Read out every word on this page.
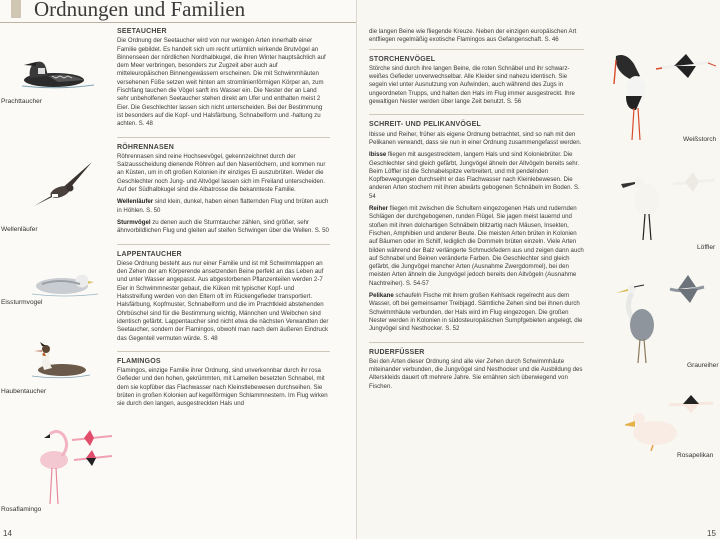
Ordnungen und Familien
Prachttaucher
Wellenläufer
Eissturmvogel
Haubentaucher
Rosaflamingo
14
SEETAUCHER

Die Ordnung der Seetaucher wird von nur wenigen Arten innerhalb einer Familie gebildet. Es handelt sich um recht urtümlich wirkende Brutvögel an Binnenseen der nördlichen Nordhalbkugel, die ihren Winter hauptsächlich auf dem Meer verbringen, besonders zur Zugzeit aber auch auf mitteleuropäischen Binnengewässern erscheinen. Die mit Schwimmhäuten versehenen Füße setzen weit hinten am stromlinienförmigen Körper an, zum Fischfang tauchen die Vögel sanft ins Wasser ein. Die Nester der an Land sehr unbeholfenen Seetaucher stehen direkt am Ufer und enthalten meist 2 Eier. Die Geschlechter lassen sich nicht unterscheiden. Bei der Bestimmung ist besonders auf die Kopf- und Halsfärbung, Schnabelform und -haltung zu achten. S. 48

RÖHRENNASEN

Röhrennasen sind reine Hochseevögel, gekennzeichnet durch der Salzausscheidung dienende Röhren auf den Nasenlöchern, und kommen nur an Küsten, um in oft großen Kolonien ihr einziges Ei auszubrüten. Weder die Geschlechter noch Jung- und Altvögel lassen sich im Freiland unterscheiden. Auf der Südhalbkugel sind die Albatrosse die bekannteste Familie.

Wellenläufer sind klein, dunkel, haben einen flatternden Flug und brüten auch in Höhlen. S. 50

Sturmvögel zu denen auch die Sturmtaucher zählen, sind größer, sehr ähnvorbildlichen Flug und gleiten auf steifen Schwingen über die Wellen. S. 50

LAPPENTAUCHER

Diese Ordnung besteht aus nur einer Familie und ist mit Schwimmlappen an den Zehen der am Körperende ansetzenden Beine perfekt an das Leben auf und unter Wasser angepasst. Aus abgestorbenen Pflanzenteilen werden 2-7 Eier in Schwimmnester gebaut, die Küken mit typischer Kopf- und Halsstreifung werden von den Eltern oft im Rückengefieder transportiert. Halsfärbung, Kopfmuster, Schnabelform und die im Prachtkleid abstehenden Ohrbüschel sind für die Bestimmung wichtig, Männchen und Weibchen sind identisch gefärbt. Lappentaucher sind nicht etwa die nächsten Verwandten der Seetaucher, sondern der Flamingos, obwohl man nach dem äußeren Eindruck das Gegenteil vermuten würde. S. 48

FLAMINGOS

Flamingos, einzige Familie ihrer Ordnung, sind unverkennbar durch ihr rosa Gefieder und den hohen, gekrümmten, mit Lamellen besetzten Schnabel, mit dem sie kopfüber das Flachwasser nach Kleinstlebewesen durchseihen. Sie brüten in großen Kolonien auf kegelförmigen Schlammnestern. Im Flug wirken sie durch den langen, ausgestreckten Hals und

die langen Beine wie fliegende Kreuze. Neben der einzigen europäischen Art entfliegen regelmäßig exotische Flamingos aus Gefangenschaft. S. 46

STORCHENVÖGEL

Störche sind durch ihre langen Beine, die roten Schnäbel und ihr schwarz-weißes Gefieder unverwechselbar. Alle Kleider sind nahezu identisch. Sie segeln viel unter Ausnutzung von Aufwinden, auch während des Zugs in ungeordneten Trupps, und halten den Hals im Flug immer ausgestreckt. Ihre gewaltigen Nester werden über lange Zeit benutzt. S. 56

SCHREIT- UND PELIKANVÖGEL

Ibisse und Reiher, früher als eigene Ordnung betrachtet, sind so nah mit den Pelikanen verwandt, dass sie nun in einer Ordnung zusammengefasst werden.

Ibisse fliegen mit ausgestrecktem, langem Hals und sind Koloniebrüter. Die Geschlechter sind gleich gefärbt, Jungvögel ähneln der Altvögeln bereits sehr. Beim Löffler ist die Schnabelspitze verbreitert, und mit pendelnden Kopfbewegungen durchseiht er das Flachwasser nach Kleinlebewesen. Die anderen Arten stochern mit ihren abwärts gebogenen Schnäbeln im Boden. S. 54

Reiher fliegen mit zwischen die Schultern eingezogenen Hals und rudernden Schlägen der durchgebogenen, runden Flügel. Sie jagen meist lauernd und stoßen mit ihren dolchartigen Schnäbeln blitzartig nach Mäusen, Insekten, Fischen, Amphibien und anderer Beute. Die meisten Arten brüten in Kolonien auf Bäumen oder im Schilf, lediglich die Dommeln brüten einzeln. Viele Arten bilden während der Balz verlängerte Schmuckfedern aus und zeigen dann auch auf Schnabel und Beinen veränderte Farben. Die Geschlechter sind gleich gefärbt, die Jungvögel mancher Arten (Ausnahme Zwergdommel), bei den meisten Arten ähneln die Jungvögel jedoch bereits den Altvögeln (Ausnahme Nachtreiher). S. 54-57

Pelikane schaufeln Fische mit ihrem großen Kehlsack regelrecht aus dem Wasser, oft bei gemeinsamer Treibjagd. Sämtliche Zehen sind bei ihnen durch Schwimmhäute verbunden, der Hals wird im Flug eingezogen. Die großen Nester werden in Kolonien in südosteuropäischen Sumpfgebieten angelegt, die Jungvögel sind Nesthocker. S. 52

RUDERFÜSSER

Bei den Arten dieser Ordnung sind alle vier Zehen durch Schwimmhäute miteinander verbunden, die Jungvögel sind Nesthocker und die Ausbildung des Alterskleids dauert oft mehrere Jahre. Sie ernähren sich überwiegend von Fischen.

Weißstorch
Löffler
Graureiher
Rosapelikan
15
